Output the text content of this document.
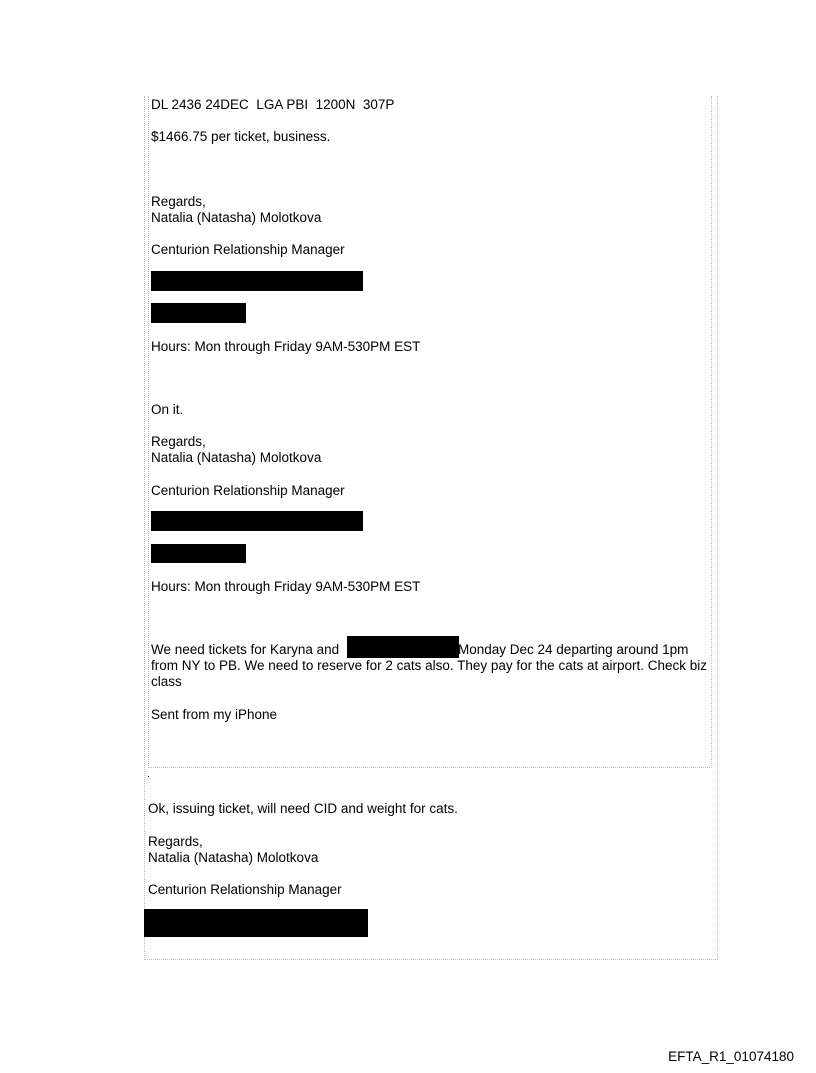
DL 2436 24DEC  LGA PBI  1200N  307P
$1466.75 per ticket, business.
Regards,
Natalia (Natasha) Molotkova
Centurion Relationship Manager
Hours: Mon through Friday 9AM-530PM EST
On it.
Regards,
Natalia (Natasha) Molotkova
Centurion Relationship Manager
Hours: Mon through Friday 9AM-530PM EST
We need tickets for Karyna and	Monday Dec 24 departing around 1pm
from NY to PB. We need to reserve for 2 cats also. They pay for the cats at airport. Check biz class
Sent from my iPhone
.
Ok, issuing ticket, will need CID and weight for cats.
Regards,
Natalia (Natasha) Molotkova
Centurion Relationship Manager
EFTA_R1_01074180
